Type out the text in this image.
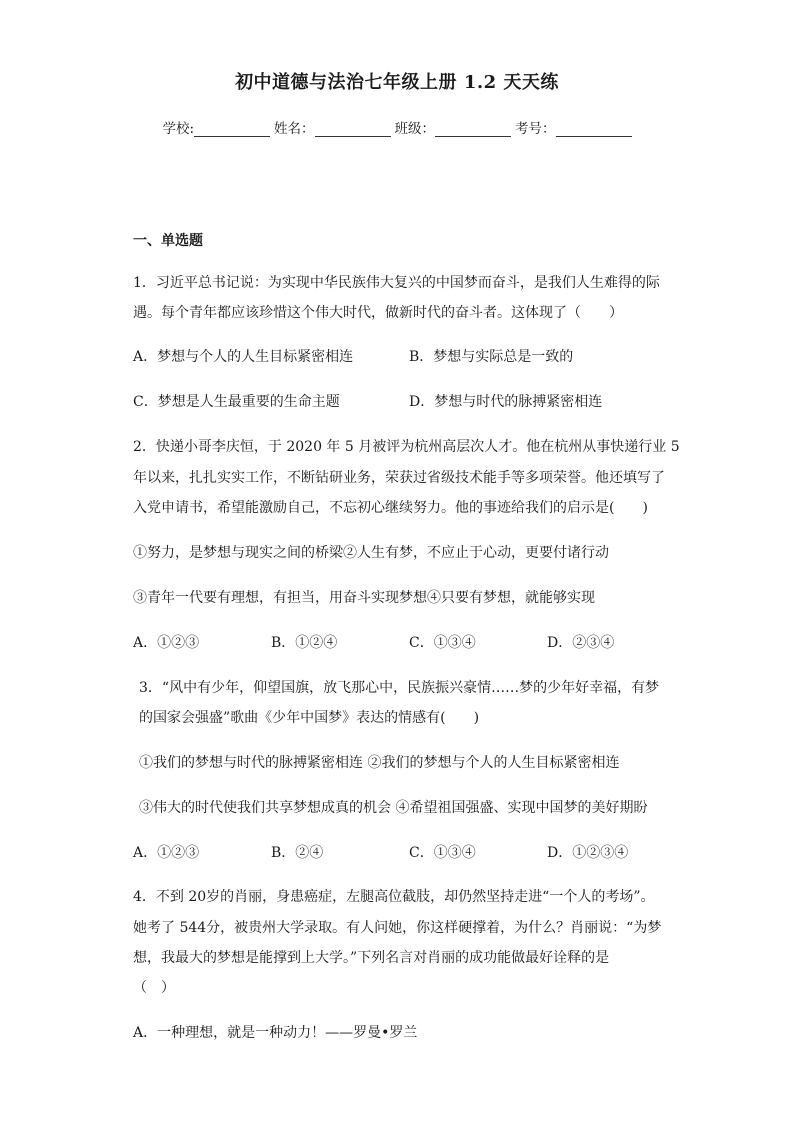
初中道德与法治七年级上册 1.2 天天练
学校:	姓名：	班级：	考号：
一、单选题
1．习近平总书记说：为实现中华民族伟大复兴的中国梦而奋斗，是我们人生难得的际
遇。每个青年都应该珍惜这个伟大时代，做新时代的奋斗者。这体现了（　　）
A．梦想与个人的人生目标紧密相连	B．梦想与实际总是一致的
C．梦想是人生最重要的生命主题	D．梦想与时代的脉搏紧密相连
2．快递小哥李庆恒，于 2020 年 5 月被评为杭州高层次人才。他在杭州从事快递行业 5
年以来，扎扎实实工作，不断钻研业务，荣获过省级技术能手等多项荣誉。他还填写了
入党申请书，希望能激励自己，不忘初心继续努力。他的事迹给我们的启示是(　　)
①努力，是梦想与现实之间的桥梁②人生有梦，不应止于心动，更要付诸行动
③青年一代要有理想，有担当，用奋斗实现梦想④只要有梦想，就能够实现
A．①②③	B．①②④	C．①③④	D．②③④
3．“风中有少年，仰望国旗，放飞那心中，民族振兴豪情……梦的少年好幸福，有梦
的国家会强盛”歌曲《少年中国梦》表达的情感有(　　)
①我们的梦想与时代的脉搏紧密相连 ②我们的梦想与个人的人生目标紧密相连
③伟大的时代使我们共享梦想成真的机会 ④希望祖国强盛、实现中国梦的美好期盼
A．①②③	B．②④	C．①③④	D．①②③④
4．不到 20岁的肖丽，身患癌症，左腿高位截肢，却仍然坚持走进“一个人的考场”。
她考了 544分，被贵州大学录取。有人问她，你这样硬撑着，为什么？肖丽说：“为梦
想，我最大的梦想是能撑到上大学。”下列名言对肖丽的成功能做最好诠释的是
（　）
A．一种理想，就是一种动力！——罗曼•罗兰
